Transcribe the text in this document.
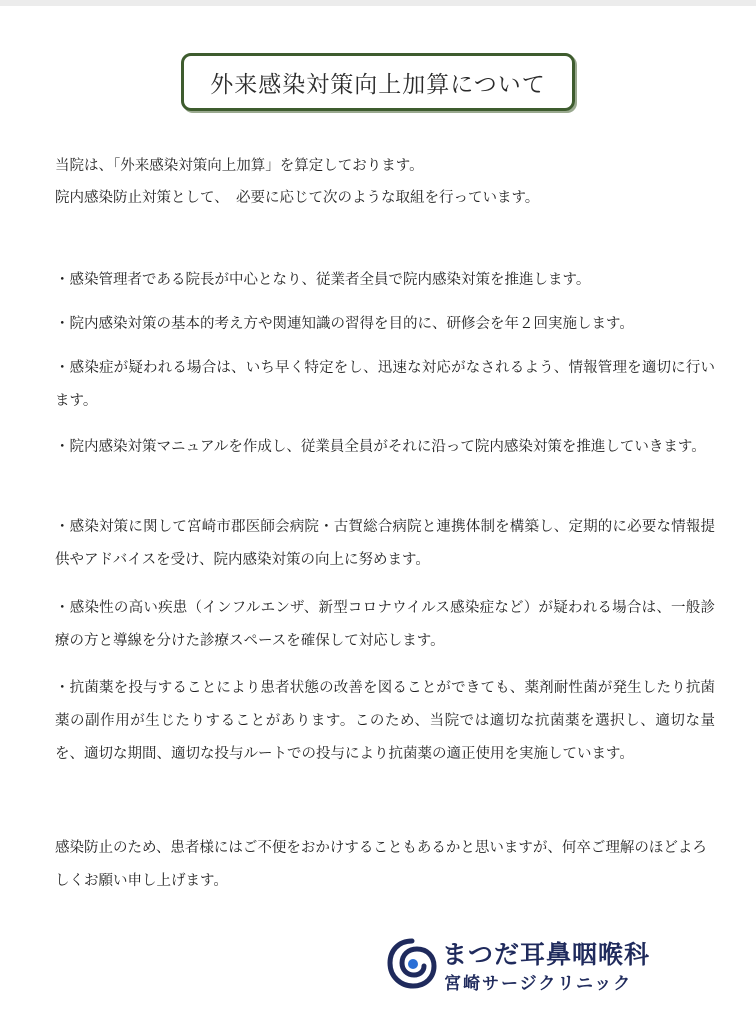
外来感染対策向上加算について

当院は、「外来感染対策向上加算」を算定しております。

院内感染防止対策として、　必要に応じて次のような取組を行っています。

・感染管理者である院長が中心となり、従業者全員で院内感染対策を推進します。

・院内感染対策の基本的考え方や関連知識の習得を目的に、研修会を年２回実施します。

・感染症が疑われる場合は、いち早く特定をし、迅速な対応がなされるよう、情報管理を適切に行います。

・院内感染対策マニュアルを作成し、従業員全員がそれに沿って院内感染対策を推進していきます。

・感染対策に関して宮崎市郡医師会病院・古賀総合病院と連携体制を構築し、定期的に必要な情報提供やアドバイスを受け、院内感染対策の向上に努めます。

・感染性の高い疾患（インフルエンザ、新型コロナウイルス感染症など）が疑われる場合は、一般診療の方と導線を分けた診療スペースを確保して対応します。

・抗菌薬を投与することにより患者状態の改善を図ることができても、薬剤耐性菌が発生したり抗菌薬の副作用が生じたりすることがあります。このため、当院では適切な抗菌薬を選択し、適切な量を、適切な期間、適切な投与ルートでの投与により抗菌薬の適正使用を実施しています。

感染防止のため、患者様にはご不便をおかけすることもあるかと思いますが、何卒ご理解のほどよろしくお願い申し上げます。

まつだ耳鼻咽喉科
宮崎サージクリニック
